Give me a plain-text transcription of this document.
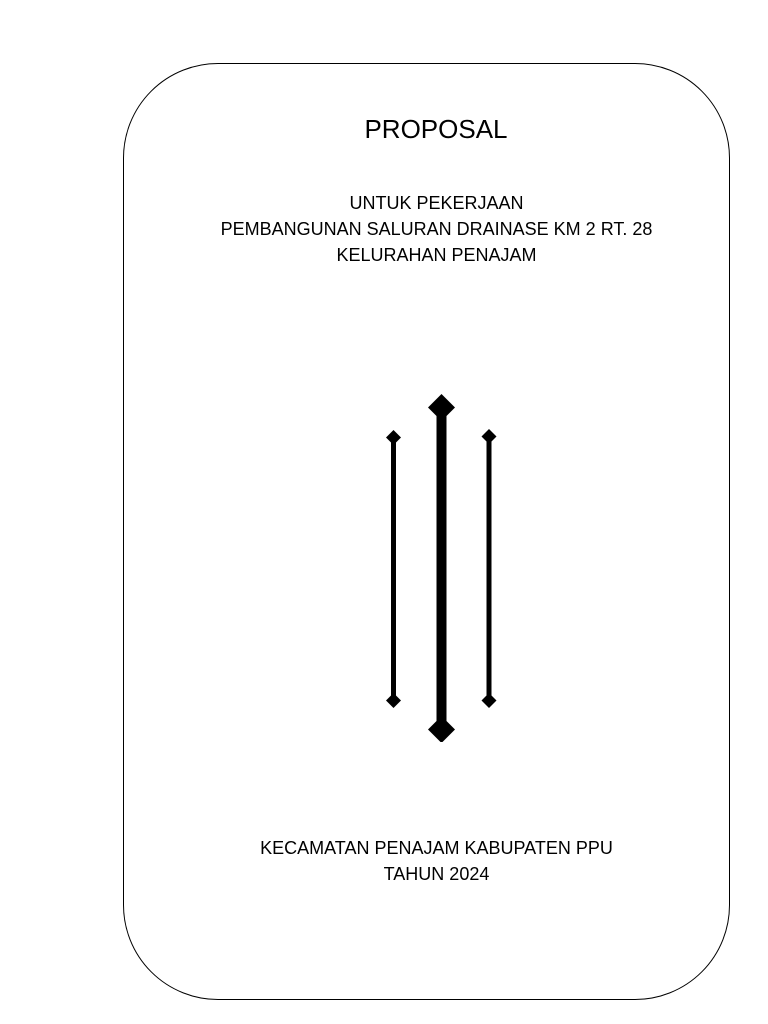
PROPOSAL
UNTUK PEKERJAAN
PEMBANGUNAN SALURAN DRAINASE KM 2 RT. 28
KELURAHAN PENAJAM
KECAMATAN PENAJAM KABUPATEN PPU
TAHUN 2024
